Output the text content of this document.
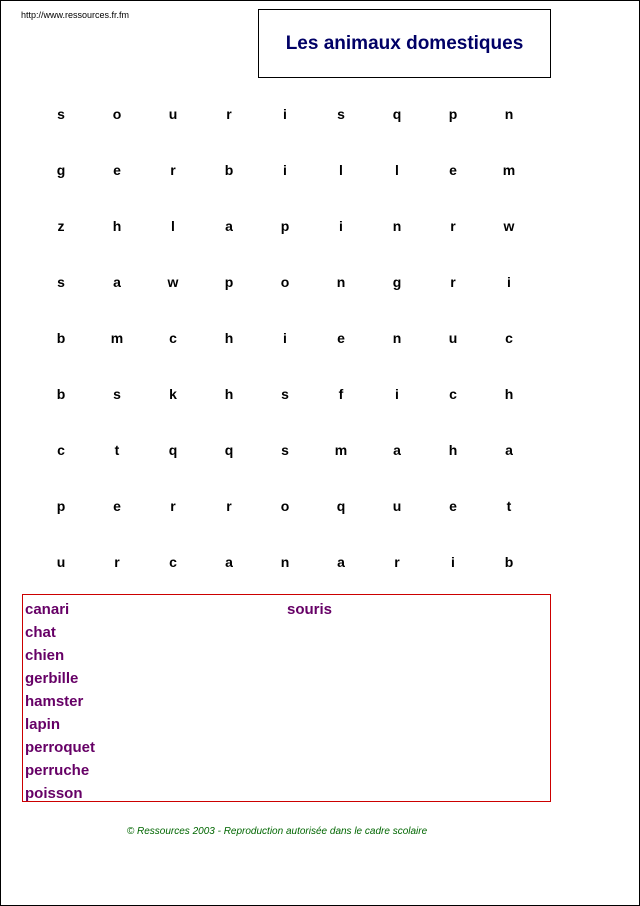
http://www.ressources.fr.fm
Les animaux domestiques
s	o	u	r	i	s	q	p	n
g	e	r	b	i	l	l	e	m
z	h	l	a	p	i	n	r	w
s	a	w	p	o	n	g	r	i
b	m	c	h	i	e	n	u	c
b	s	k	h	s	f	i	c	h
c	t	q	q	s	m	a	h	a
p	e	r	r	o	q	u	e	t
u	r	c	a	n	a	r	i	b
canari
chat
chien
gerbille
hamster
lapin
perroquet
perruche
poisson
souris
© Ressources 2003 - Reproduction autorisée dans le cadre scolaire
